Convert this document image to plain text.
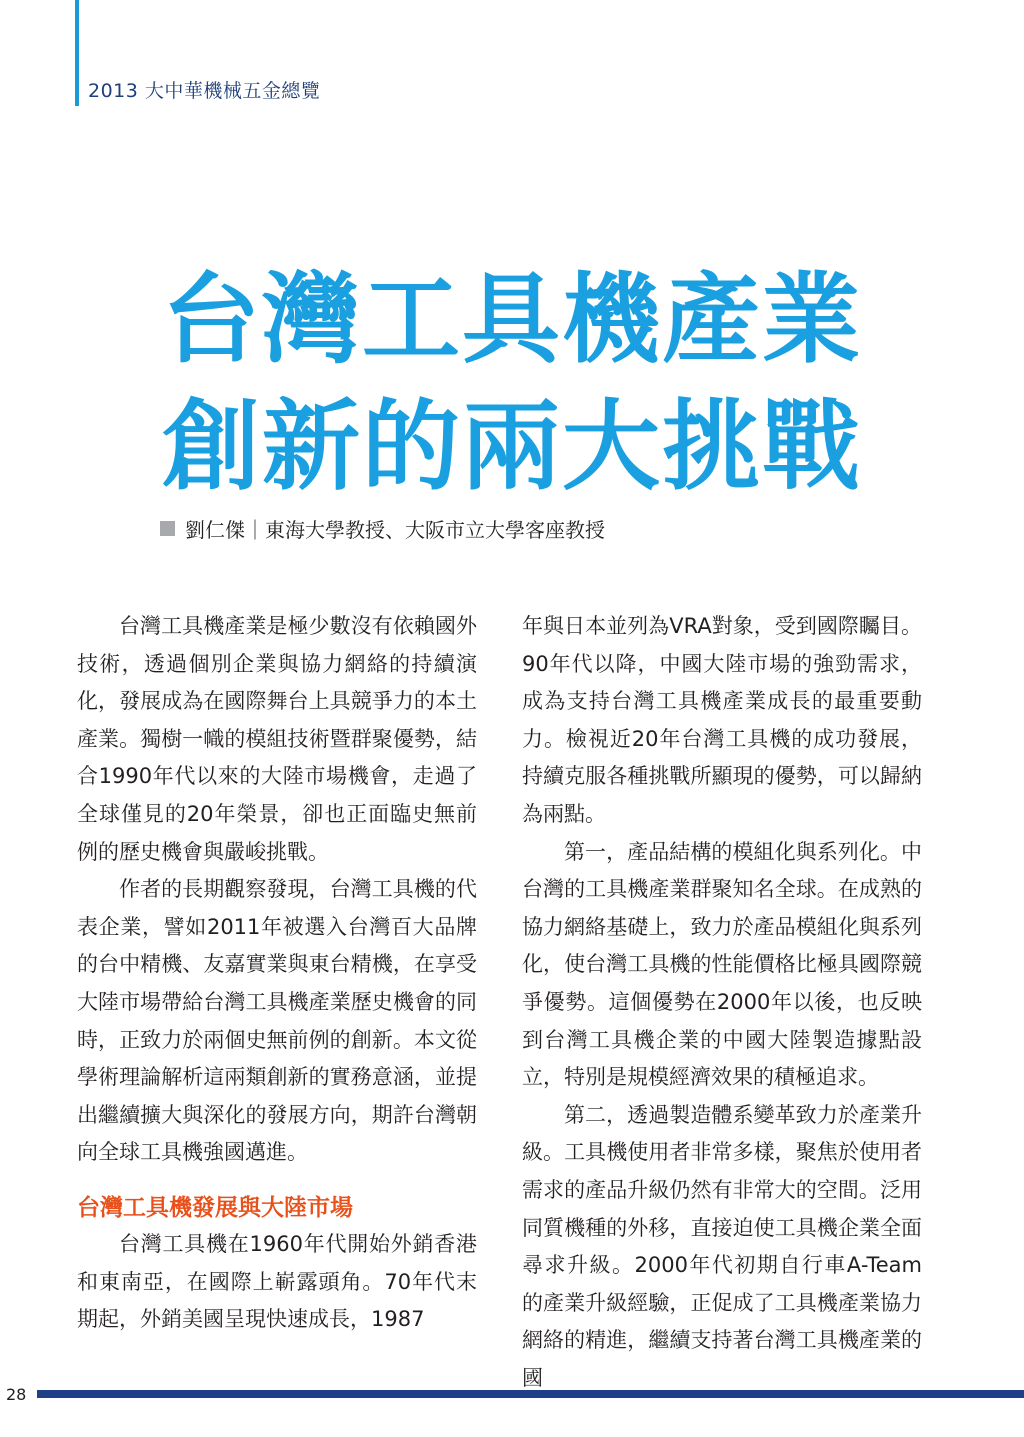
2013 大中華機械五金總覽
台灣工具機產業
創新的兩大挑戰
劉仁傑｜東海大學教授、大阪市立大學客座教授

台灣工具機產業是極少數沒有依賴國外技術，透過個別企業與協力網絡的持續演化，發展成為在國際舞台上具競爭力的本土產業。獨樹一幟的模組技術暨群聚優勢，結合1990年代以來的大陸市場機會，走過了全球僅見的20年榮景，卻也正面臨史無前例的歷史機會與嚴峻挑戰。

作者的長期觀察發現，台灣工具機的代表企業，譬如2011年被選入台灣百大品牌的台中精機、友嘉實業與東台精機，在享受大陸市場帶給台灣工具機產業歷史機會的同時，正致力於兩個史無前例的創新。本文從學術理論解析這兩類創新的實務意涵，並提出繼續擴大與深化的發展方向，期許台灣朝向全球工具機強國邁進。

台灣工具機發展與大陸市場

台灣工具機在1960年代開始外銷香港和東南亞，在國際上嶄露頭角。70年代末期起，外銷美國呈現快速成長，1987

年與日本並列為VRA對象，受到國際矚目。90年代以降，中國大陸市場的強勁需求，成為支持台灣工具機產業成長的最重要動力。檢視近20年台灣工具機的成功發展，持續克服各種挑戰所顯現的優勢，可以歸納為兩點。

第一，產品結構的模組化與系列化。中台灣的工具機產業群聚知名全球。在成熟的協力網絡基礎上，致力於產品模組化與系列化，使台灣工具機的性能價格比極具國際競爭優勢。這個優勢在2000年以後，也反映到台灣工具機企業的中國大陸製造據點設立，特別是規模經濟效果的積極追求。

第二，透過製造體系變革致力於產業升級。工具機使用者非常多樣，聚焦於使用者需求的產品升級仍然有非常大的空間。泛用同質機種的外移，直接迫使工具機企業全面尋求升級。2000年代初期自行車A-Team的產業升級經驗，正促成了工具機產業協力網絡的精進，繼續支持著台灣工具機產業的國

28
